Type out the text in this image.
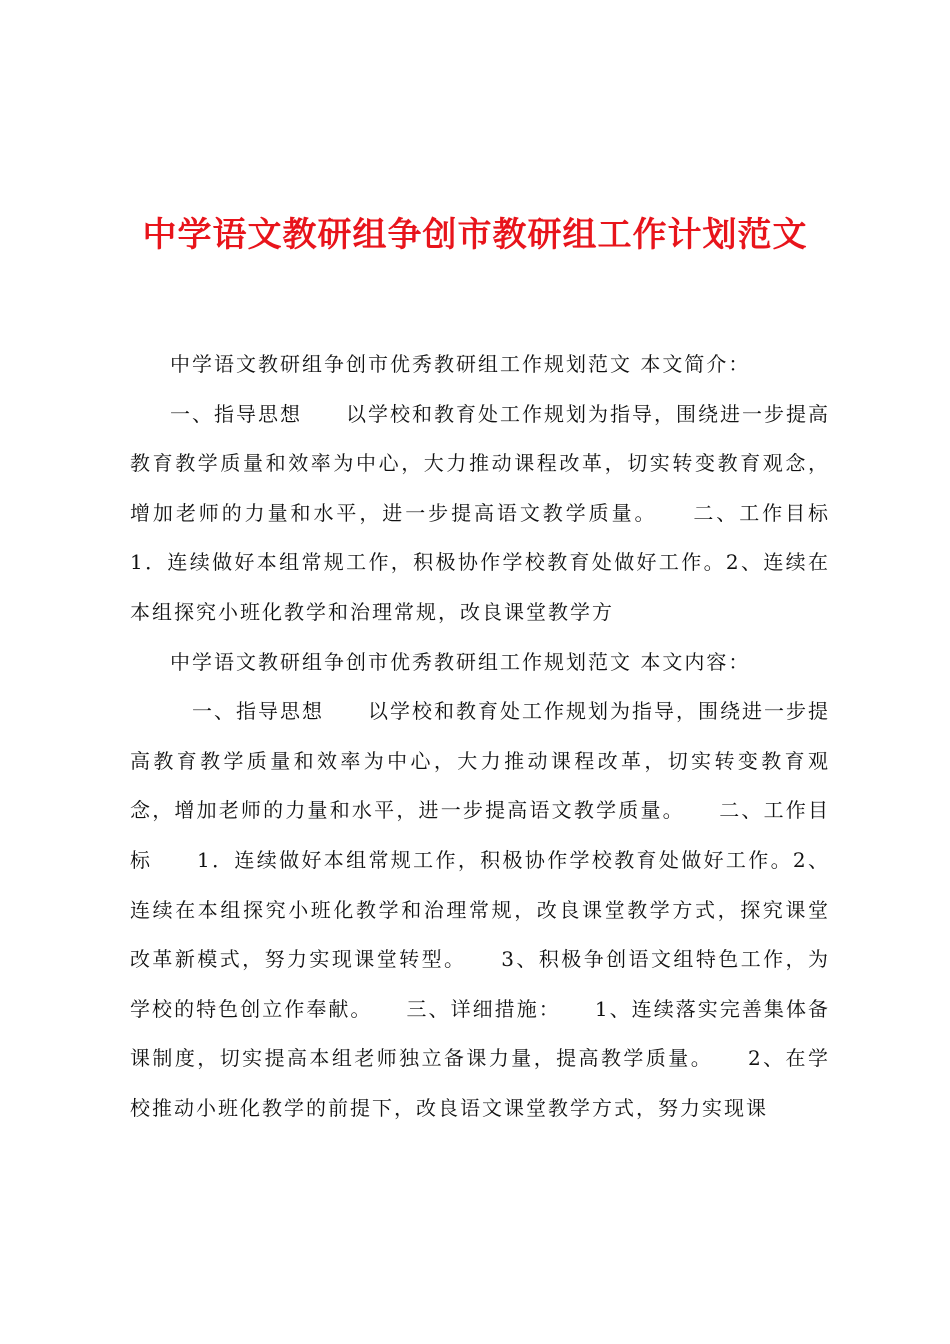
中学语文教研组争创市教研组工作计划范文

中学语文教研组争创市优秀教研组工作规划范文 本文简介：

一、指导思想　　以学校和教育处工作规划为指导，围绕进一步提高教育教学质量和效率为中心，大力推动课程改革，切实转变教育观念，增加老师的力量和水平，进一步提高语文教学质量。　　二、工作目标　　1．连续做好本组常规工作，积极协作学校教育处做好工作。2、连续在本组探究小班化教学和治理常规，改良课堂教学方

中学语文教研组争创市优秀教研组工作规划范文 本文内容：

　一、指导思想　　以学校和教育处工作规划为指导，围绕进一步提高教育教学质量和效率为中心，大力推动课程改革，切实转变教育观念，增加老师的力量和水平，进一步提高语文教学质量。　　二、工作目标　　1．连续做好本组常规工作，积极协作学校教育处做好工作。2、连续在本组探究小班化教学和治理常规，改良课堂教学方式，探究课堂改革新模式，努力实现课堂转型。　　3、积极争创语文组特色工作，为学校的特色创立作奉献。　　三、详细措施：　　1、连续落实完善集体备课制度，切实提高本组老师独立备课力量，提高教学质量。　　2、在学校推动小班化教学的前提下，改良语文课堂教学方式，努力实现课
